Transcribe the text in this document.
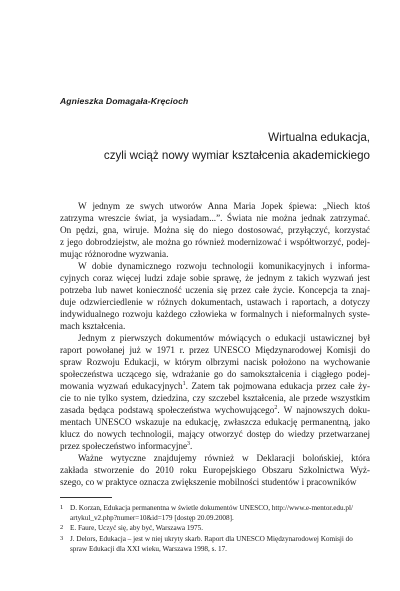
Agnieszka Domagała-Kręcioch
Wirtualna edukacja,
czyli wciąż nowy wymiar kształcenia akademickiego
W jednym ze swych utworów Anna Maria Jopek śpiewa: „Niech ktoś
zatrzyma wreszcie świat, ja wysiadam...”. Świata nie można jednak zatrzymać.
On pędzi, gna, wiruje. Można się do niego dostosować, przyłączyć, korzystać
z jego dobrodziejstw, ale można go również modernizować i współtworzyć, podej-
mując różnorodne wyzwania.
W dobie dynamicznego rozwoju technologii komunikacyjnych i informa-
cyjnych coraz więcej ludzi zdaje sobie sprawę, że jednym z takich wyzwań jest
potrzeba lub nawet konieczność uczenia się przez całe życie. Koncepcja ta znaj-
duje odzwierciedlenie w różnych dokumentach, ustawach i raportach, a dotyczy
indywidualnego rozwoju każdego człowieka w formalnych i nieformalnych syste-
mach kształcenia.
Jednym z pierwszych dokumentów mówiących o edukacji ustawicznej był
raport powołanej już w 1971 r. przez UNESCO Międzynarodowej Komisji do
spraw Rozwoju Edukacji, w którym olbrzymi nacisk położono na wychowanie
społeczeństwa uczącego się, wdrażanie go do samokształcenia i ciągłego podej-
mowania wyzwań edukacyjnych$^1$. Zatem tak pojmowana edukacja przez całe ży-
cie to nie tylko system, dziedzina, czy szczebel kształcenia, ale przede wszystkim
zasada będąca podstawą społeczeństwa wychowującego$^2$. W najnowszych doku-
mentach UNESCO wskazuje na edukację, zwłaszcza edukację permanentną, jako
klucz do nowych technologii, mający otworzyć dostęp do wiedzy przetwarzanej
przez społeczeństwo informacyjne$^3$.
Ważne wytyczne znajdujemy również w Deklaracji bolońskiej, która
zakłada stworzenie do 2010 roku Europejskiego Obszaru Szkolnictwa Wyż-
szego, co w praktyce oznacza zwiększenie mobilności studentów i pracowników
1 D. Korzan, Edukacja permanentna w świetle dokumentów UNESCO, http://www.e-mentor.edu.pl/
artykul_v2.php?numer=10&id=179 [dostęp 20.09.2008].
2 E. Faure, Uczyć się, aby być, Warszawa 1975.
3 J. Delors, Edukacja – jest w niej ukryty skarb. Raport dla UNESCO Międzynarodowej Komisji do
spraw Edukacji dla XXI wieku, Warszawa 1998, s. 17.
